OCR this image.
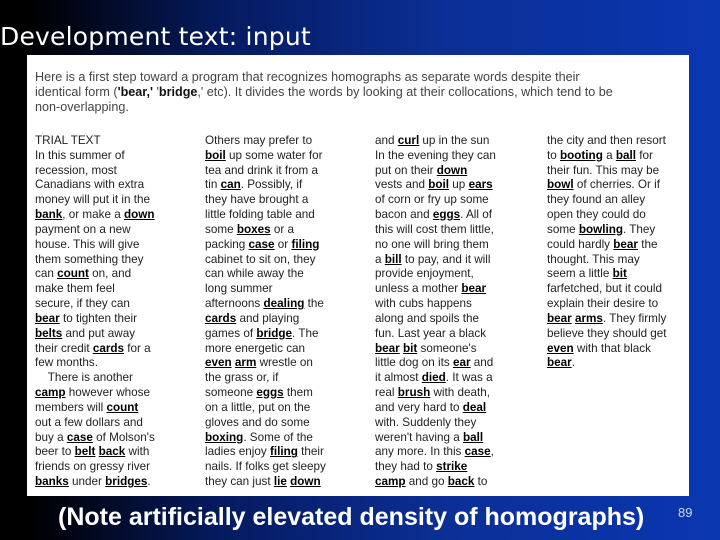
Development text: input

Here is a first step toward a program that recognizes homographs as separate words despite their
identical form ('bear,' 'bridge,' etc). It divides the words by looking at their collocations, which tend to be
non-overlapping.

TRIAL TEXT
In this summer of
recession, most
Canadians with extra
money will put it in the
bank, or make a down
payment on a new
house. This will give
them something they
can count on, and
make them feel
secure, if they can
bear to tighten their
belts and put away
their credit cards for a
few months.
There is another
camp however whose
members will count
out a few dollars and
buy a case of Molson's
beer to belt back with
friends on gressy river
banks under bridges.
Others may prefer to
boil up some water for
tea and drink it from a
tin can. Possibly, if
they have brought a
little folding table and
some boxes or a
packing case or filing
cabinet to sit on, they
can while away the
long summer
afternoons dealing the
cards and playing
games of bridge. The
more energetic can
even arm wrestle on
the grass or, if
someone eggs them
on a little, put on the
gloves and do some
boxing. Some of the
ladies enjoy filing their
nails. If folks get sleepy
they can just lie down
and curl up in the sun
In the evening they can
put on their down
vests and boil up ears
of corn or fry up some
bacon and eggs. All of
this will cost them little,
no one will bring them
a bill to pay, and it will
provide enjoyment,
unless a mother bear
with cubs happens
along and spoils the
fun. Last year a black
bear bit someone's
little dog on its ear and
it almost died. It was a
real brush with death,
and very hard to deal
with. Suddenly they
weren't having a ball
any more. In this case,
they had to strike
camp and go back to
the city and then resort
to booting a ball for
their fun. This may be
bowl of cherries. Or if
they found an alley
open they could do
some bowling. They
could hardly bear the
thought. This may
seem a little bit
farfetched, but it could
explain their desire to
bear arms. They firmly
believe they should get
even with that black
bear.

(Note artificially elevated density of homographs)	89
